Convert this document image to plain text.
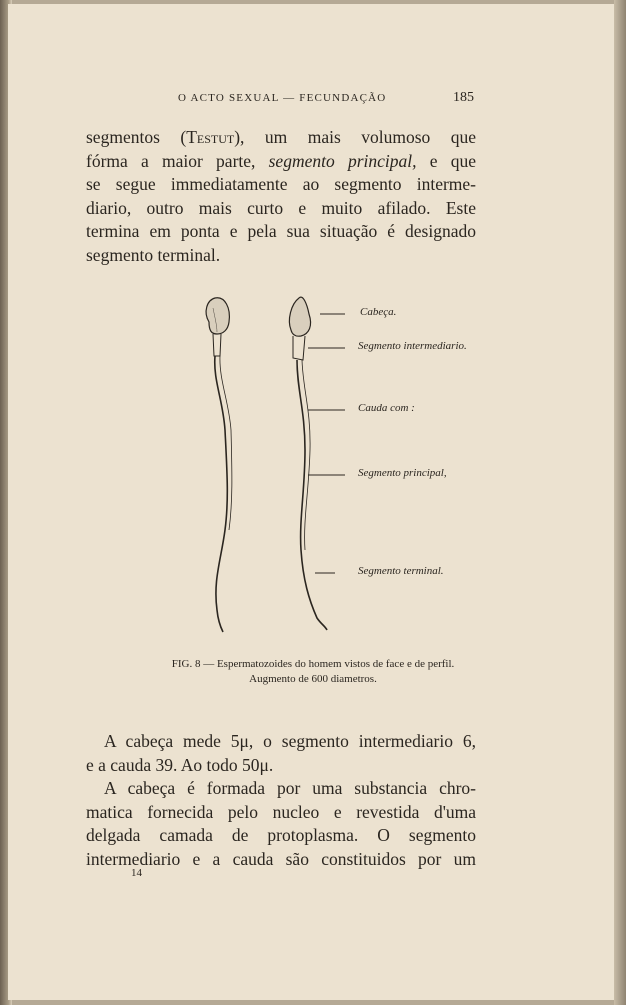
O ACTO SEXUAL — FECUNDAÇÃO	185
segmentos (Testut), um mais volumoso que
fórma a maior parte, segmento principal, e que
se segue immediatamente ao segmento interme-
diario, outro mais curto e muito afilado. Este
termina em ponta e pela sua situação é designado
segmento terminal.
Cabeça.
Segmento intermediario.
Cauda com :
Segmento principal,
Segmento terminal.
FIG. 8 — Espermatozoides do homem vistos de face e de perfil.
Augmento de 600 diametros.
A cabeça mede 5μ, o segmento intermediario 6,
e a cauda 39. Ao todo 50μ.
A cabeça é formada por uma substancia chro-
matica fornecida pelo nucleo e revestida d'uma
delgada camada de protoplasma. O segmento
intermediario e a cauda são constituidos por um
14
